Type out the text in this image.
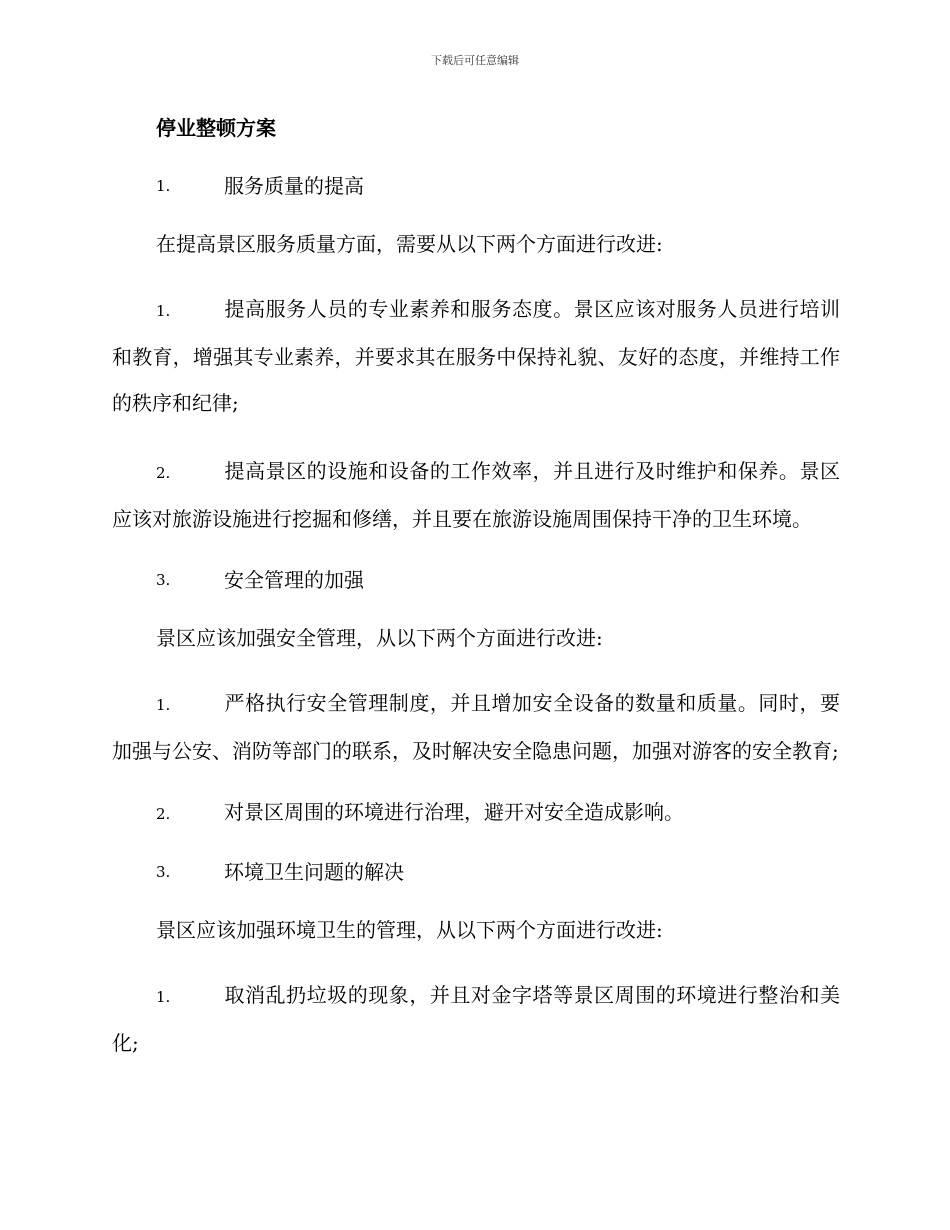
下载后可任意编辑
停业整顿方案
1.	服务质量的提高

在提高景区服务质量方面，需要从以下两个方面进行改进:

1.	提高服务人员的专业素养和服务态度。景区应该对服务人员进行培训和教育，增强其专业素养，并要求其在服务中保持礼貌、友好的态度，并维持工作的秩序和纪律;

2.	提高景区的设施和设备的工作效率，并且进行及时维护和保养。景区应该对旅游设施进行挖掘和修缮，并且要在旅游设施周围保持干净的卫生环境。

3.	安全管理的加强

景区应该加强安全管理，从以下两个方面进行改进:

1.	严格执行安全管理制度，并且增加安全设备的数量和质量。同时，要加强与公安、消防等部门的联系，及时解决安全隐患问题，加强对游客的安全教育;

2.	对景区周围的环境进行治理，避开对安全造成影响。

3.	环境卫生问题的解决

景区应该加强环境卫生的管理，从以下两个方面进行改进:

1.	取消乱扔垃圾的现象，并且对金字塔等景区周围的环境进行整治和美化;
